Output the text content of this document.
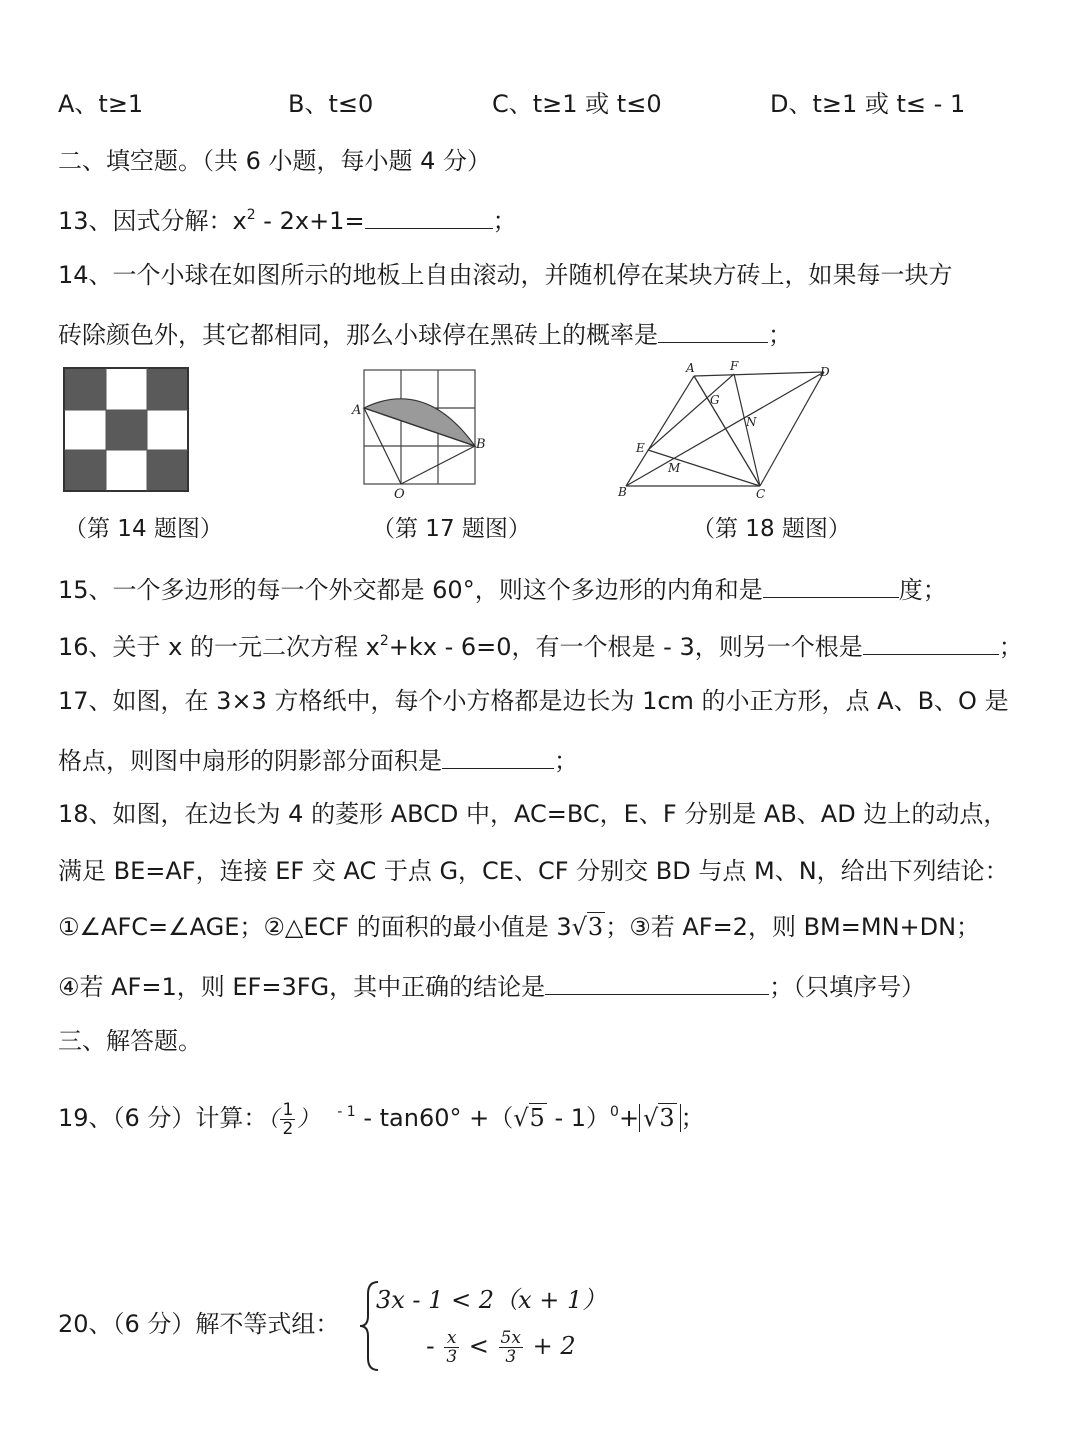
A、t≥1	B、t≤0	C、t≥1 或 t≤0	D、t≥1 或 t≤ - 1
二、填空题。（共 6 小题，每小题 4 分）
13、因式分解：$x^2 - 2x+1=$	；
14、一个小球在如图所示的地板上自由滚动，并随机停在某块方砖上，如果每一块方
砖除颜色外，其它都相同，那么小球停在黑砖上的概率是	；
A
B
O
A	F	D
G
N
E
M
B	C
（第 14 题图）	（第 17 题图）	（第 18 题图）
15、一个多边形的每一个外交都是 60°，则这个多边形的内角和是	度；
16、关于 x 的一元二次方程 $x^2+kx - 6=0$，有一个根是 - 3，则另一个根是	；
17、如图，在 3×3 方格纸中，每个小方格都是边长为 1cm 的小正方形，点 A、B、O 是
格点，则图中扇形的阴影部分面积是	；
18、如图，在边长为 4 的菱形 ABCD 中，AC=BC，E、F 分别是 AB、AD 边上的动点，
满足 BE=AF，连接 EF 交 AC 于点 G，CE、CF 分别交 BD 与点 M、N，给出下列结论：
①∠AFC=∠AGE；②△ECF 的面积的最小值是 3√3；③若 AF=2，则 BM=MN+DN；
④若 AF=1，则 EF=3FG，其中正确的结论是	；（只填序号）
三、解答题。
19、（6 分）计算：（ $\frac{1}{2}$ ） $^{- 1}$ - tan60° +（√5 - 1）$^0$+ √3 ；
20、（6 分）解不等式组：
3x - 1 < 2（x + 1）
- $\frac{x}{3} < \frac{5x}{3} + 2$
